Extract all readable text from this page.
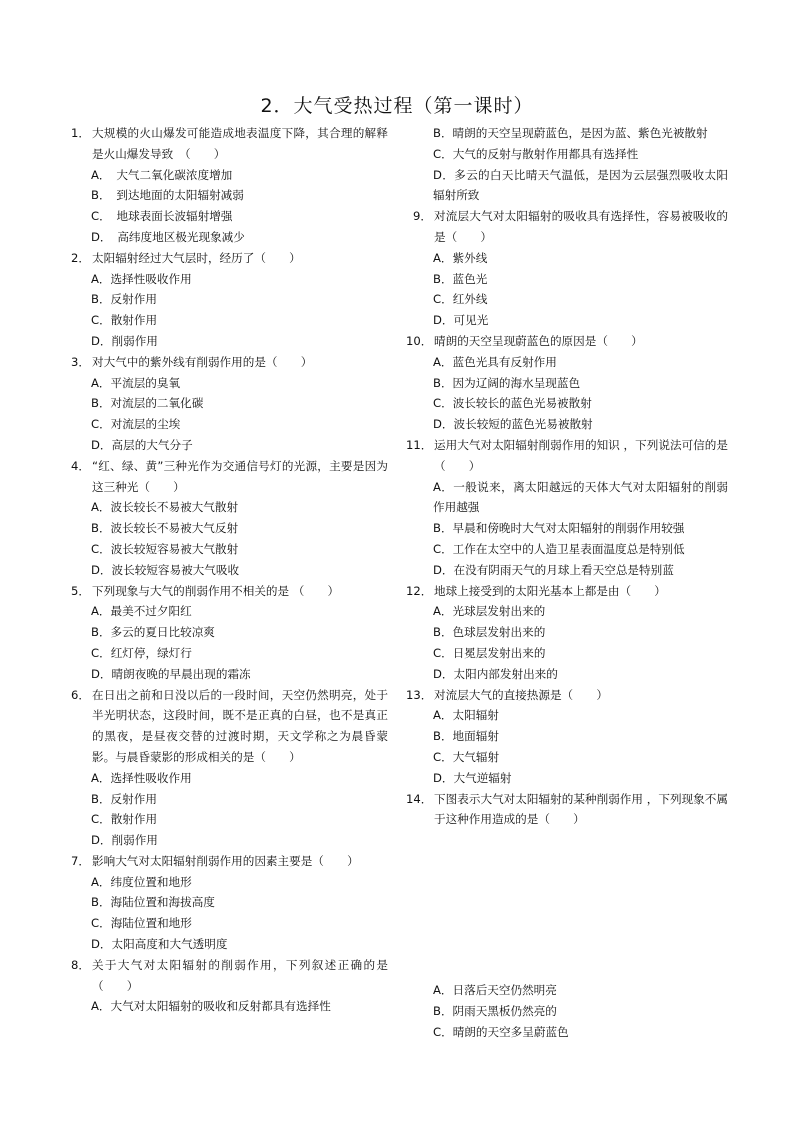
2．大气受热过程（第一课时）
1． 大规模的火山爆发可能造成地表温度下降，其合理的解释是火山爆发导致　（　　）
A．　大气二氧化碳浓度增加
B．　到达地面的太阳辐射减弱
C．　地球表面长波辐射增强
D．　高纬度地区极光现象减少
2． 太阳辐射经过大气层时，经历了（　　）
A．选择性吸收作用
B．反射作用
C．散射作用
D．削弱作用
3． 对大气中的紫外线有削弱作用的是（　　）
A．平流层的臭氧
B．对流层的二氧化碳
C．对流层的尘埃
D．高层的大气分子
4． “红、绿、黄”三种光作为交通信号灯的光源，主要是因为这三种光（　　）
A．波长较长不易被大气散射
B．波长较长不易被大气反射
C．波长较短容易被大气散射
D．波长较短容易被大气吸收
5． 下列现象与大气的削弱作用不相关的是 （　　）
A．最美不过夕阳红
B．多云的夏日比较凉爽
C．红灯停，绿灯行
D．晴朗夜晚的早晨出现的霜冻
6． 在日出之前和日没以后的一段时间，天空仍然明亮，处于半光明状态，这段时间，既不是正真的白昼，也不是真正的黑夜，是昼夜交替的过渡时期，天文学称之为晨昏蒙影。与晨昏蒙影的形成相关的是（　　）
A．选择性吸收作用
B．反射作用
C．散射作用
D．削弱作用
7． 影响大气对太阳辐射削弱作用的因素主要是（　　）
A．纬度位置和地形
B．海陆位置和海拔高度
C．海陆位置和地形
D．太阳高度和大气透明度
8． 关于大气对太阳辐射的削弱作用，下列叙述正确的是 （　　）
A．大气对太阳辐射的吸收和反射都具有选择性
B．晴朗的天空呈现蔚蓝色，是因为蓝、紫色光被散射
C．大气的反射与散射作用都具有选择性
D．多云的白天比晴天气温低，是因为云层强烈吸收太阳辐射所致
9． 对流层大气对太阳辐射的吸收具有选择性，容易被吸收的是（　　）
A．紫外线
B．蓝色光
C．红外线
D．可见光
10． 晴朗的天空呈现蔚蓝色的原因是（　　）
A．蓝色光具有反射作用
B．因为辽阔的海水呈现蓝色
C．波长较长的蓝色光易被散射
D．波长较短的蓝色光易被散射
11． 运用大气对太阳辐射削弱作用的知识 ，下列说法可信的是（　　）
A．一般说来，离太阳越远的天体大气对太阳辐射的削弱作用越强
B．早晨和傍晚时大气对太阳辐射的削弱作用较强
C．工作在太空中的人造卫星表面温度总是特别低
D．在没有阴雨天气的月球上看天空总是特别蓝
12． 地球上接受到的太阳光基本上都是由（　　）
A．光球层发射出来的
B．色球层发射出来的
C．日冕层发射出来的
D．太阳内部发射出来的
13． 对流层大气的直接热源是（　　）
A．太阳辐射
B．地面辐射
C．大气辐射
D．大气逆辐射
14． 下图表示大气对太阳辐射的某种削弱作用 ，下列现象不属于这种作用造成的是（　　）
A．日落后天空仍然明亮
B．阴雨天黑板仍然亮的
C．晴朗的天空多呈蔚蓝色
